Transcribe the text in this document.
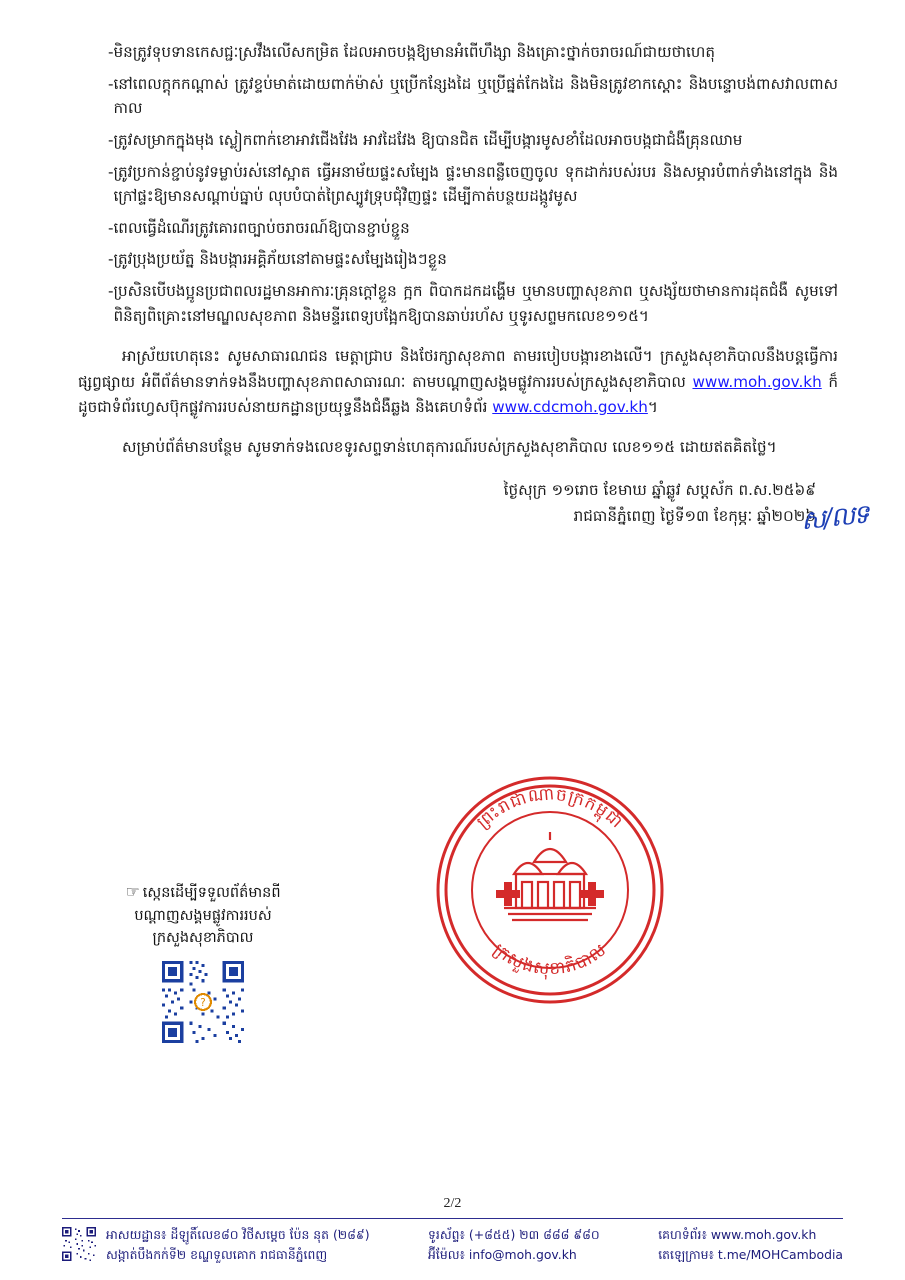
- មិនត្រូវទុបទានកេសជ្ជៈស្រវឹងលើសកម្រិត ដែលអាចបង្កឱ្យមានអំពើហឹង្សា និងគ្រោះថ្នាក់ចរាចរណ៍ជាយថាហេតុ
- នៅពេលក្តុកកណ្តាស់ ត្រូវខ្ទប់មាត់ដោយពាក់ម៉ាស់ ឬប្រើកន្សែងដៃ ឬប្រើផ្នត់កែងដៃ និងមិនត្រូវខាកស្តោះ និងបន្ទោបង់ពាសវាលពាសកាល
- ត្រូវសម្រាកក្នុងមុង ស្លៀកពាក់ខោអាវជើងវែង អាវដៃវែង ឱ្យបានជិត ដើម្បីបង្ការមូសខាំដែលអាចបង្កជាជំងឺគ្រុនឈាម
- ត្រូវប្រកាន់ខ្ជាប់នូវទម្លាប់រស់នៅស្អាត ធ្វើអនាម័យផ្ទះសម្បែង ផ្ទះមានពន្លឺចេញចូល ទុកដាក់របស់របរ និងសម្ភារបំពាក់ទាំងនៅក្នុង និងក្រៅផ្ទះឱ្យមានសណ្ដាប់ធ្នាប់ លុបបំបាត់ព្រៃស្បូវទ្រុបជុំវិញផ្ទះ ដើម្បីកាត់បន្ថយដង្កូវមូស
- ពេលធ្វើដំណើរត្រូវគោរពច្បាប់ចរាចរណ៍ឱ្យបានខ្ជាប់ខ្ជួន
- ត្រូវប្រុងប្រយ័ត្ន និងបង្ការអគ្គិភ័យនៅតាមផ្ទះសម្បែងរៀងៗខ្លួន
- ប្រសិនបើបងប្អូនប្រជាពលរដ្ឋមានអាការៈគ្រុនក្ដៅខ្លួន ក្អក ពិបាកដកដង្ហើម ឬមានបញ្ហាសុខភាព ឬសង្ស័យថាមានការដុតជំងឺ សូមទៅពិនិត្យពិគ្រោះនៅមណ្ឌលសុខភាព និងមន្ទីរពេទ្យបង្អែកឱ្យបានឆាប់រហ័ស ឬទូរសព្ទមកលេខ១១៥។

អាស្រ័យហេតុនេះ សូមសាធារណជន មេត្តាជ្រាប និងថែរក្សាសុខភាព តាមរបៀបបង្ការខាងលើ។ ក្រសួងសុខាភិបាលនឹងបន្តធ្វើការផ្សព្វផ្សាយ អំពីព័ត៌មានទាក់ទងនឹងបញ្ហាសុខភាពសាធារណៈ តាមបណ្ដាញសង្គមផ្លូវការរបស់ក្រសួងសុខាភិបាល www.moh.gov.kh ក៏ដូចជាទំព័រហ្វេសប៊ុកផ្លូវការរបស់នាយកដ្ឋានប្រយុទ្ធនឹងជំងឺឆ្លង និងគេហទំព័រ www.cdcmoh.gov.kh។

សម្រាប់ព័ត៌មានបន្ថែម សូមទាក់ទងលេខទូរសព្ទទាន់ហេតុការណ៍របស់ក្រសួងសុខាភិបាល លេខ១១៥ ដោយឥតគិតថ្លៃ។

ថ្ងៃសុក្រ ១១រោច ខែមាឃ ឆ្នាំឆ្លូវ សប្តស័ក ព.ស.២៥៦៩
រាជធានីភ្នំពេញ ថ្ងៃទី១៣ ខែកុម្ភៈ ឆ្នាំ២០២៦
ស/លទ
ព្រះរាជាណាចក្រកម្ពុជា
ក្រសួងសុខាភិបាល
☞ ស្កេនដើម្បីទទួលព័ត៌មានពី
បណ្ដាញសង្គមផ្លូវការរបស់
ក្រសួងសុខាភិបាល
?
2/2
អាសយដ្ឋាន៖ ដីឡូតិ៍លេខ៨០ វិថីសម្ដេច ប៉ែន នុត (២៨៩)
សង្កាត់បឹងកក់ទី២ ខណ្ឌទួលគោក រាជធានីភ្នំពេញ
ទូរស័ព្ទ៖ (+៨៥៥) ២៣ ៨៨៨ ៩៨០
អ៊ីម៉ែល៖ info@moh.gov.kh
គេហទំព័រ៖ www.moh.gov.kh
តេឡេក្រាម៖ t.me/MOHCambodia
